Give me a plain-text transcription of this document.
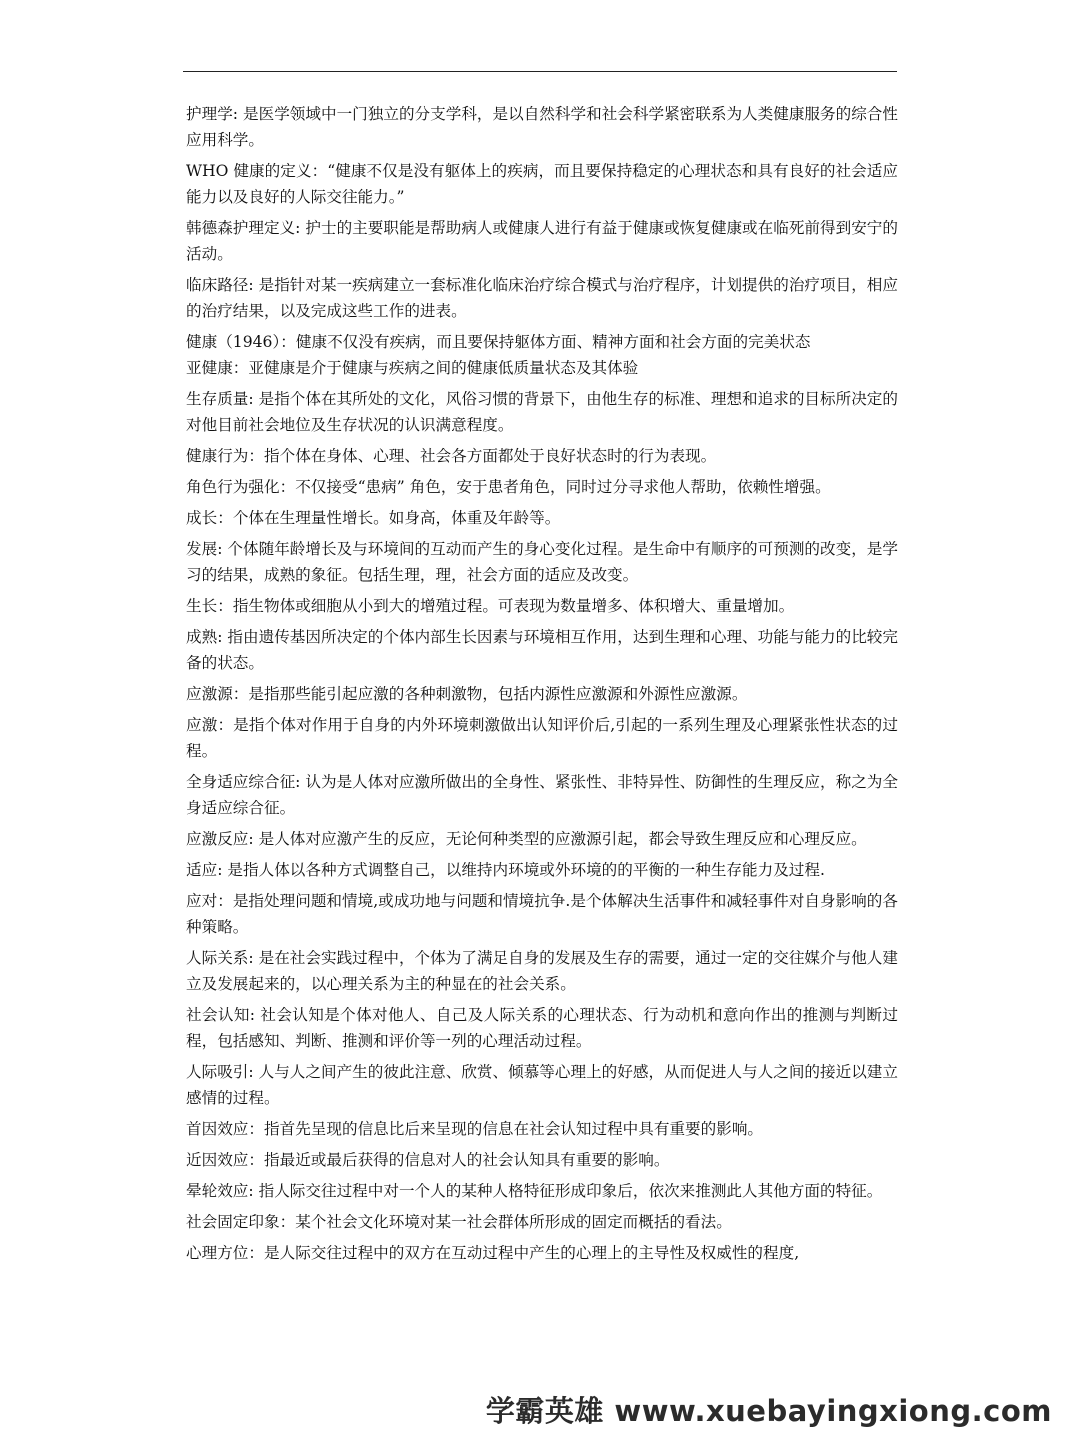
护理学: 是医学领域中一门独立的分支学科，是以自然科学和社会科学紧密联系为人类健康服务的综合性应用科学。

WHO 健康的定义：“健康不仅是没有躯体上的疾病，而且要保持稳定的心理状态和具有良好的社会适应能力以及良好的人际交往能力。”

韩德森护理定义: 护士的主要职能是帮助病人或健康人进行有益于健康或恢复健康或在临死前得到安宁的活动。

临床路径: 是指针对某一疾病建立一套标准化临床治疗综合模式与治疗程序，计划提供的治疗项目，相应的治疗结果，以及完成这些工作的进表。

健康（1946）：健康不仅没有疾病，而且要保持躯体方面、精神方面和社会方面的完美状态

亚健康：亚健康是介于健康与疾病之间的健康低质量状态及其体验

生存质量: 是指个体在其所处的文化，风俗习惯的背景下，由他生存的标准、理想和追求的目标所决定的对他目前社会地位及生存状况的认识满意程度。

健康行为：指个体在身体、心理、社会各方面都处于良好状态时的行为表现。

角色行为强化：不仅接受“患病” 角色，安于患者角色，同时过分寻求他人帮助，依赖性增强。

成长：个体在生理量性增长。如身高，体重及年龄等。

发展: 个体随年龄增长及与环境间的互动而产生的身心变化过程。是生命中有顺序的可预测的改变，是学习的结果，成熟的象征。包括生理，理，社会方面的适应及改变。

生长：指生物体或细胞从小到大的增殖过程。可表现为数量增多、体积增大、重量增加。

成熟: 指由遗传基因所决定的个体内部生长因素与环境相互作用，达到生理和心理、功能与能力的比较完备的状态。

应激源：是指那些能引起应激的各种刺激物，包括内源性应激源和外源性应激源。

应激：是指个体对作用于自身的内外环境刺激做出认知评价后,引起的一系列生理及心理紧张性状态的过程。

全身适应综合征: 认为是人体对应激所做出的全身性、紧张性、非特异性、防御性的生理反应，称之为全身适应综合征。

应激反应: 是人体对应激产生的反应，无论何种类型的应激源引起，都会导致生理反应和心理反应。

适应: 是指人体以各种方式调整自己，以维持内环境或外环境的的平衡的一种生存能力及过程.

应对：是指处理问题和情境,或成功地与问题和情境抗争.是个体解决生活事件和减轻事件对自身影响的各种策略。

人际关系: 是在社会实践过程中，个体为了满足自身的发展及生存的需要，通过一定的交往媒介与他人建立及发展起来的，以心理关系为主的种显在的社会关系。

社会认知: 社会认知是个体对他人、自己及人际关系的心理状态、行为动机和意向作出的推测与判断过程，包括感知、判断、推测和评价等一列的心理活动过程。

人际吸引: 人与人之间产生的彼此注意、欣赏、倾慕等心理上的好感，从而促进人与人之间的接近以建立感情的过程。

首因效应：指首先呈现的信息比后来呈现的信息在社会认知过程中具有重要的影响。

近因效应：指最近或最后获得的信息对人的社会认知具有重要的影响。

晕轮效应: 指人际交往过程中对一个人的某种人格特征形成印象后，依次来推测此人其他方面的特征。

社会固定印象：某个社会文化环境对某一社会群体所形成的固定而概括的看法。

心理方位：是人际交往过程中的双方在互动过程中产生的心理上的主导性及权威性的程度,

学霸英雄 www.xuebayingxiong.com
